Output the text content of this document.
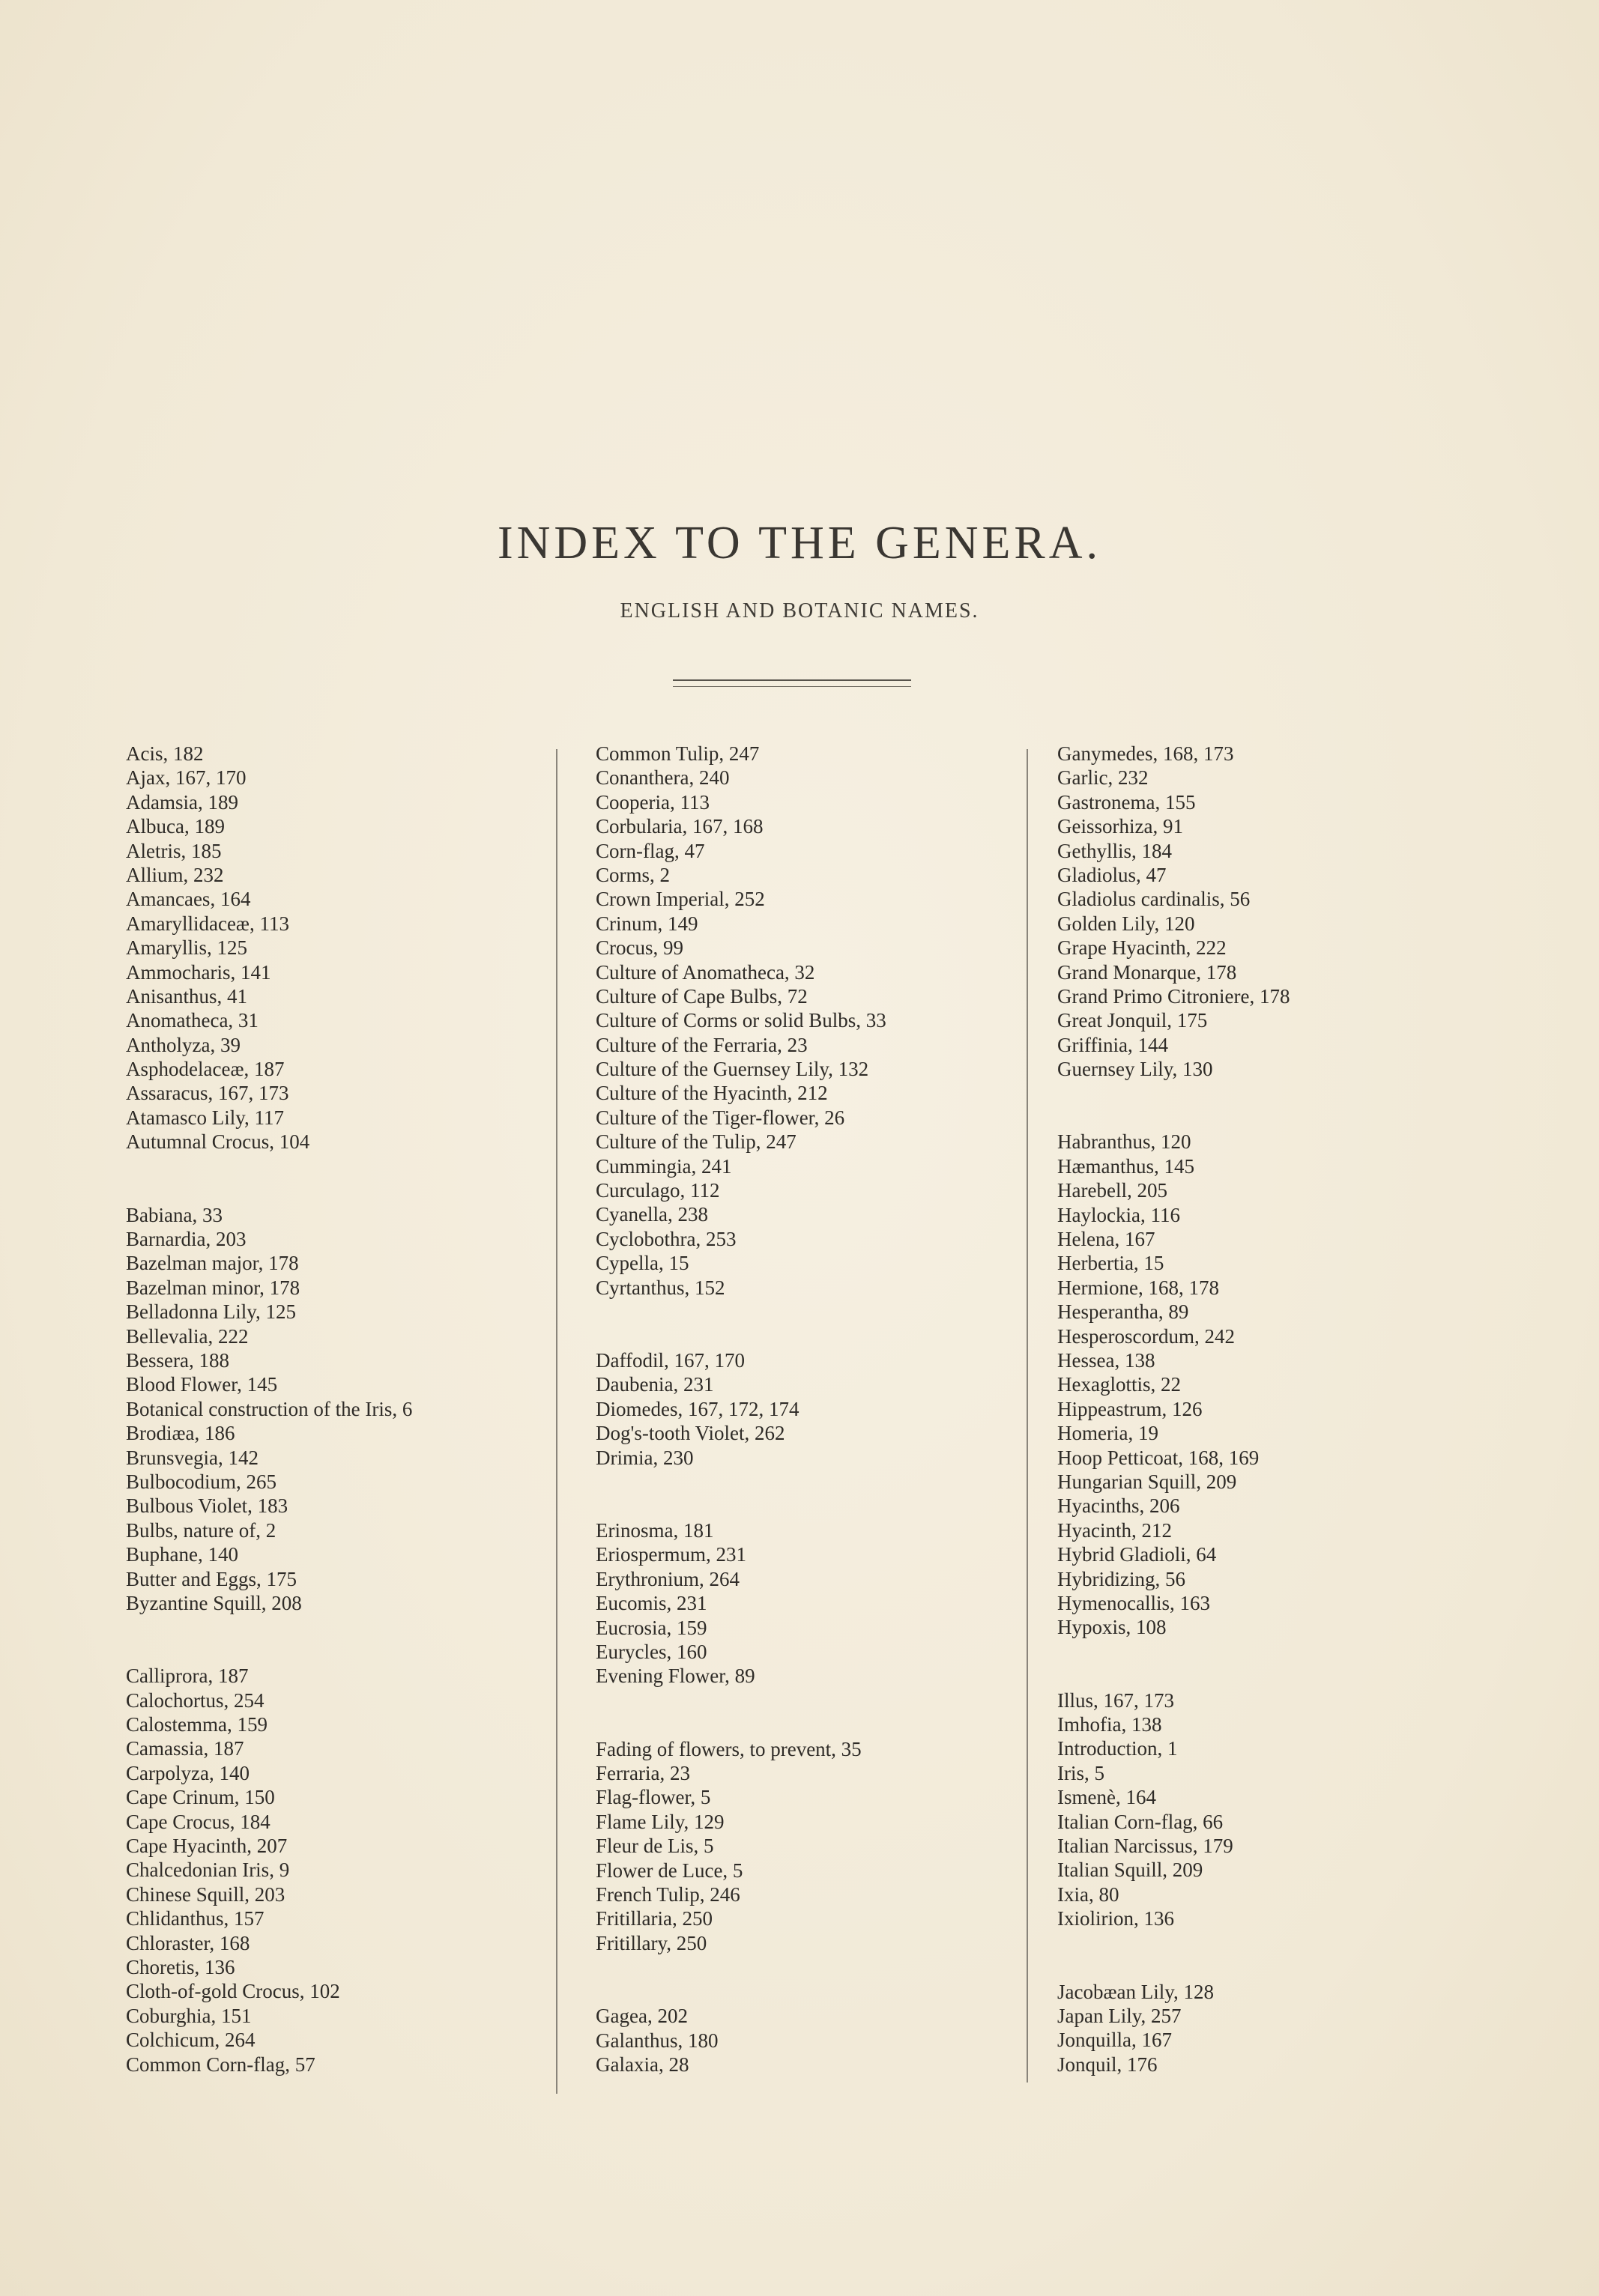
INDEX TO THE GENERA.
ENGLISH AND BOTANIC NAMES.
Acis, 182
Ajax, 167, 170
Adamsia, 189
Albuca, 189
Aletris, 185
Allium, 232
Amancaes, 164
Amaryllidaceæ, 113
Amaryllis, 125
Ammocharis, 141
Anisanthus, 41
Anomatheca, 31
Antholyza, 39
Asphodelaceæ, 187
Assaracus, 167, 173
Atamasco Lily, 117
Autumnal Crocus, 104
Babiana, 33
Barnardia, 203
Bazelman major, 178
Bazelman minor, 178
Belladonna Lily, 125
Bellevalia, 222
Bessera, 188
Blood Flower, 145
Botanical construction of the Iris, 6
Brodiæa, 186
Brunsvegia, 142
Bulbocodium, 265
Bulbous Violet, 183
Bulbs, nature of, 2
Buphane, 140
Butter and Eggs, 175
Byzantine Squill, 208
Calliprora, 187
Calochortus, 254
Calostemma, 159
Camassia, 187
Carpolyza, 140
Cape Crinum, 150
Cape Crocus, 184
Cape Hyacinth, 207
Chalcedonian Iris, 9
Chinese Squill, 203
Chlidanthus, 157
Chloraster, 168
Choretis, 136
Cloth-of-gold Crocus, 102
Coburghia, 151
Colchicum, 264
Common Corn-flag, 57
Common Tulip, 247
Conanthera, 240
Cooperia, 113
Corbularia, 167, 168
Corn-flag, 47
Corms, 2
Crown Imperial, 252
Crinum, 149
Crocus, 99
Culture of Anomatheca, 32
Culture of Cape Bulbs, 72
Culture of Corms or solid Bulbs, 33
Culture of the Ferraria, 23
Culture of the Guernsey Lily, 132
Culture of the Hyacinth, 212
Culture of the Tiger-flower, 26
Culture of the Tulip, 247
Cummingia, 241
Curculago, 112
Cyanella, 238
Cyclobothra, 253
Cypella, 15
Cyrtanthus, 152
Daffodil, 167, 170
Daubenia, 231
Diomedes, 167, 172, 174
Dog's-tooth Violet, 262
Drimia, 230
Erinosma, 181
Eriospermum, 231
Erythronium, 264
Eucomis, 231
Eucrosia, 159
Eurycles, 160
Evening Flower, 89
Fading of flowers, to prevent, 35
Ferraria, 23
Flag-flower, 5
Flame Lily, 129
Fleur de Lis, 5
Flower de Luce, 5
French Tulip, 246
Fritillaria, 250
Fritillary, 250
Gagea, 202
Galanthus, 180
Galaxia, 28
Ganymedes, 168, 173
Garlic, 232
Gastronema, 155
Geissorhiza, 91
Gethyllis, 184
Gladiolus, 47
Gladiolus cardinalis, 56
Golden Lily, 120
Grape Hyacinth, 222
Grand Monarque, 178
Grand Primo Citroniere, 178
Great Jonquil, 175
Griffinia, 144
Guernsey Lily, 130
Habranthus, 120
Hæmanthus, 145
Harebell, 205
Haylockia, 116
Helena, 167
Herbertia, 15
Hermione, 168, 178
Hesperantha, 89
Hesperoscordum, 242
Hessea, 138
Hexaglottis, 22
Hippeastrum, 126
Homeria, 19
Hoop Petticoat, 168, 169
Hungarian Squill, 209
Hyacinths, 206
Hyacinth, 212
Hybrid Gladioli, 64
Hybridizing, 56
Hymenocallis, 163
Hypoxis, 108
Illus, 167, 173
Imhofia, 138
Introduction, 1
Iris, 5
Ismenè, 164
Italian Corn-flag, 66
Italian Narcissus, 179
Italian Squill, 209
Ixia, 80
Ixiolirion, 136
Jacobæan Lily, 128
Japan Lily, 257
Jonquilla, 167
Jonquil, 176
